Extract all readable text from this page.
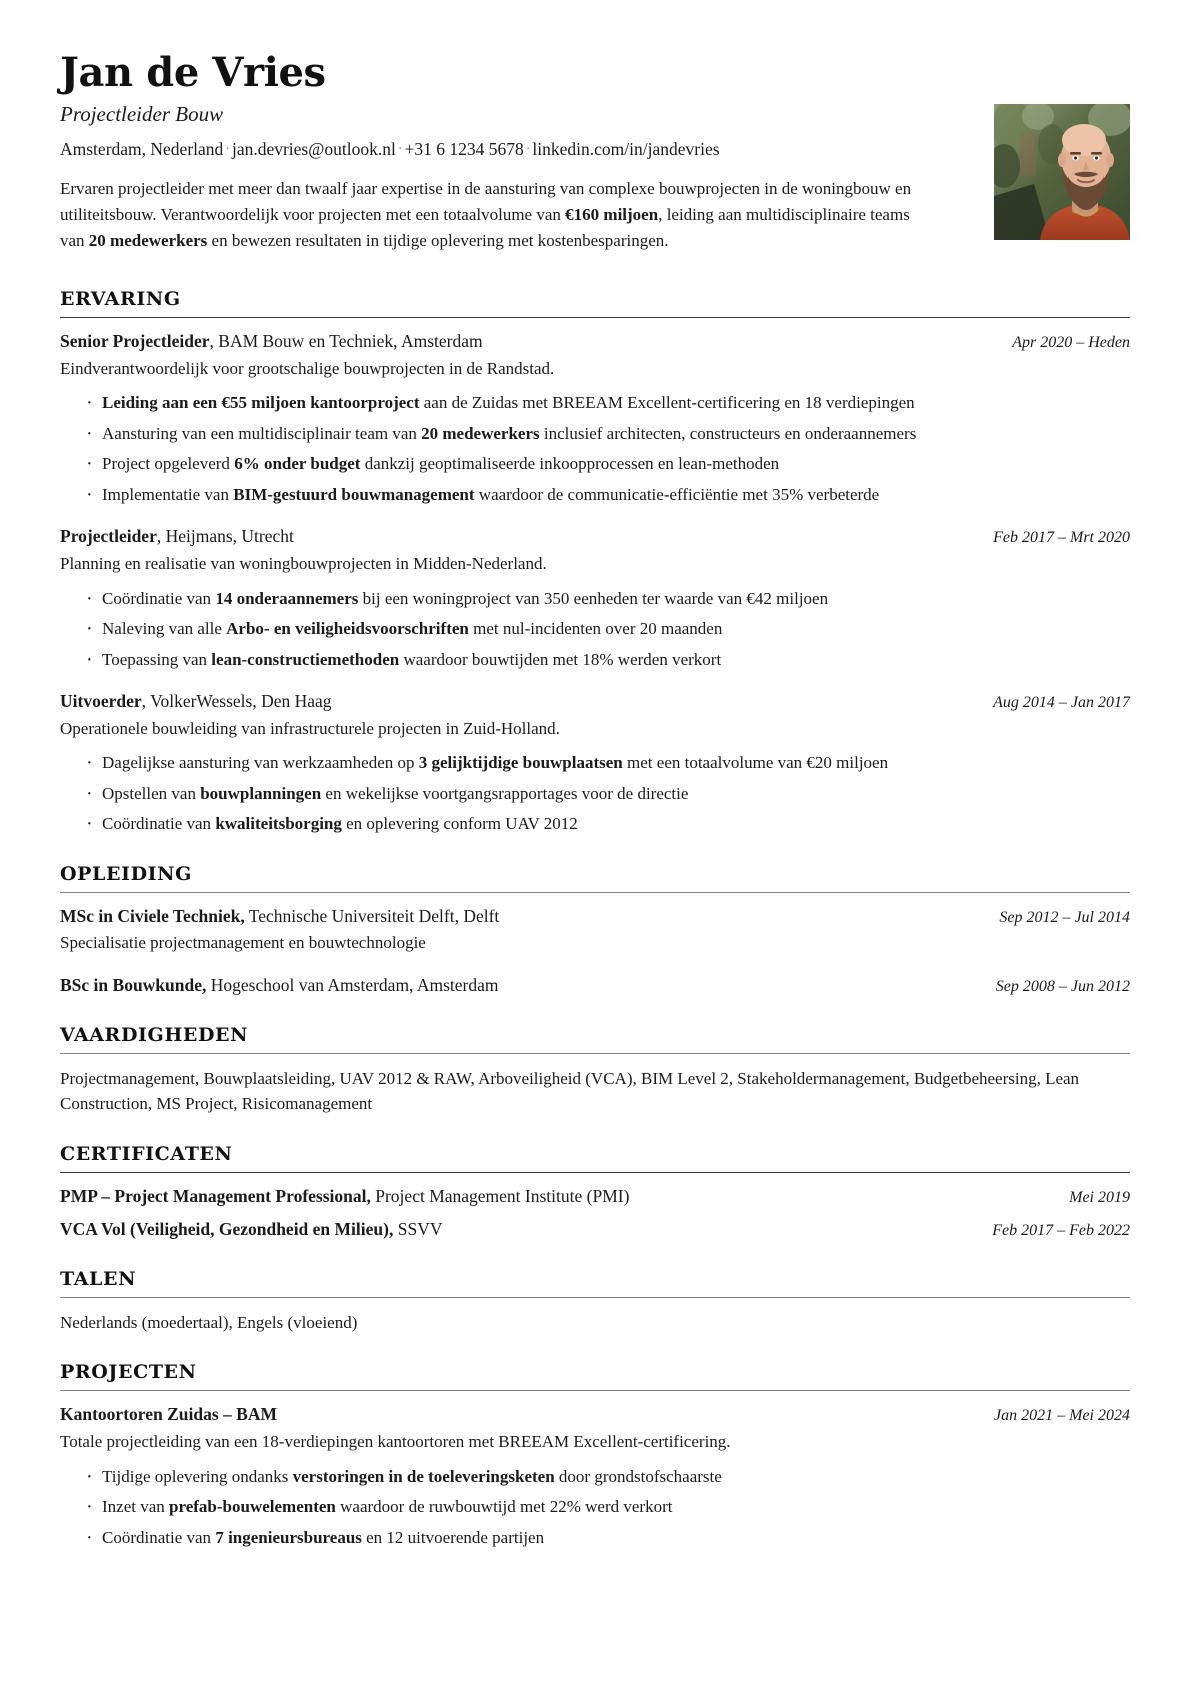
Jan de Vries
Projectleider Bouw
Amsterdam, Nederland · jan.devries@outlook.nl · +31 6 1234 5678 · linkedin.com/in/jandevries

Ervaren projectleider met meer dan twaalf jaar expertise in de aansturing van complexe bouwprojecten in de woningbouw en utiliteitsbouw. Verantwoordelijk voor projecten met een totaalvolume van €160 miljoen, leiding aan multidisciplinaire teams van 20 medewerkers en bewezen resultaten in tijdige oplevering met kostenbesparingen.

ERVARING
Senior Projectleider, BAM Bouw en Techniek, Amsterdam	Apr 2020 – Heden

Eindverantwoordelijk voor grootschalige bouwprojecten in de Randstad.

· Leiding aan een €55 miljoen kantoorproject aan de Zuidas met BREEAM Excellent-certificering en 18 verdiepingen
· Aansturing van een multidisciplinair team van 20 medewerkers inclusief architecten, constructeurs en onderaannemers
· Project opgeleverd 6% onder budget dankzij geoptimaliseerde inkoopprocessen en lean-methoden
· Implementatie van BIM-gestuurd bouwmanagement waardoor de communicatie-efficiëntie met 35% verbeterde
Projectleider, Heijmans, Utrecht	Feb 2017 – Mrt 2020

Planning en realisatie van woningbouwprojecten in Midden-Nederland.

· Coördinatie van 14 onderaannemers bij een woningproject van 350 eenheden ter waarde van €42 miljoen
· Naleving van alle Arbo- en veiligheidsvoorschriften met nul-incidenten over 20 maanden
· Toepassing van lean-constructiemethoden waardoor bouwtijden met 18% werden verkort
Uitvoerder, VolkerWessels, Den Haag	Aug 2014 – Jan 2017

Operationele bouwleiding van infrastructurele projecten in Zuid-Holland.

· Dagelijkse aansturing van werkzaamheden op 3 gelijktijdige bouwplaatsen met een totaalvolume van €20 miljoen
· Opstellen van bouwplanningen en wekelijkse voortgangsrapportages voor de directie
· Coördinatie van kwaliteitsborging en oplevering conform UAV 2012
OPLEIDING
MSc in Civiele Techniek, Technische Universiteit Delft, Delft	Sep 2012 – Jul 2014

Specialisatie projectmanagement en bouwtechnologie

BSc in Bouwkunde, Hogeschool van Amsterdam, Amsterdam	Sep 2008 – Jun 2012
VAARDIGHEDEN

Projectmanagement, Bouwplaatsleiding, UAV 2012 & RAW, Arboveiligheid (VCA), BIM Level 2, Stakeholdermanagement, Budgetbeheersing, Lean Construction, MS Project, Risicomanagement

CERTIFICATEN
PMP – Project Management Professional, Project Management Institute (PMI)	Mei 2019
VCA Vol (Veiligheid, Gezondheid en Milieu), SSVV	Feb 2017 – Feb 2022
TALEN

Nederlands (moedertaal), Engels (vloeiend)

PROJECTEN
Kantoortoren Zuidas – BAM	Jan 2021 – Mei 2024

Totale projectleiding van een 18-verdiepingen kantoortoren met BREEAM Excellent-certificering.

· Tijdige oplevering ondanks verstoringen in de toeleveringsketen door grondstofschaarste
· Inzet van prefab-bouwelementen waardoor de ruwbouwtijd met 22% werd verkort
· Coördinatie van 7 ingenieursbureaus en 12 uitvoerende partijen
